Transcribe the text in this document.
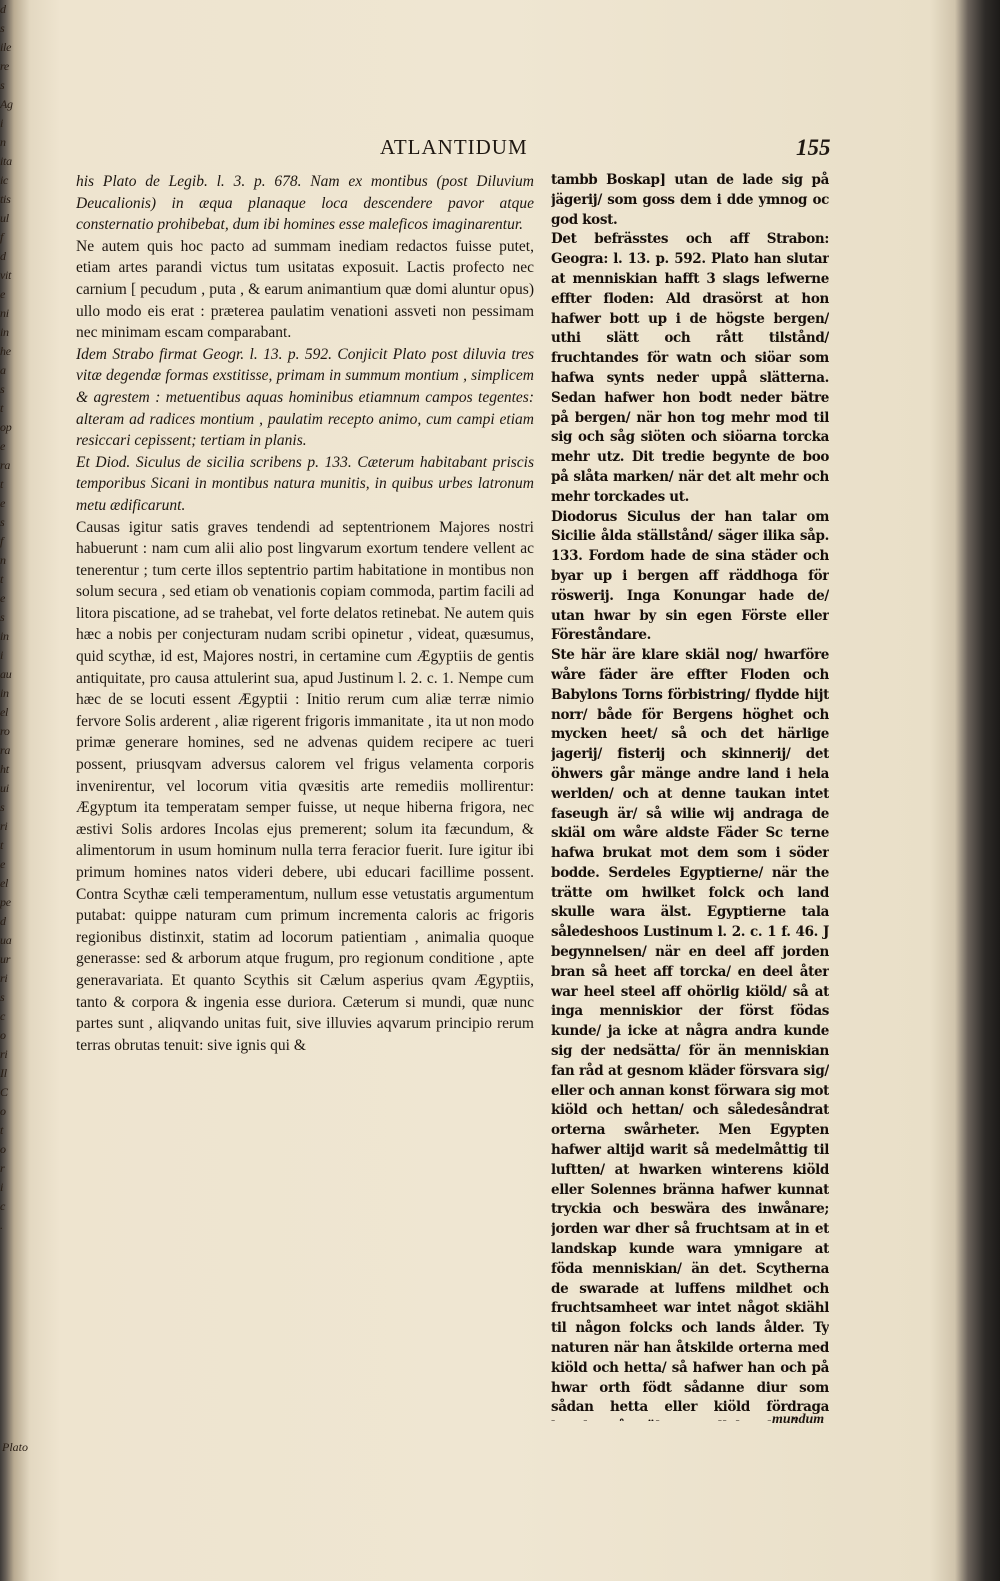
d
s
ile
re
s
Ag
i
n
ita
ic
tis
ul
f
d
vit
e
ni
in
he
a
s
t
op
e
ra
t
e
s
f
n
t
e
s
in
i
au
in
el
ro
ra
ht
ui
s
ri
t
e
el
pe
d
ua
ur
ri
s
c
o
ri
Il
C
o
t
o
r
i
c
.
Plato
ATLANTIDUM	155

his Plato de Legib. l. 3. p. 678. Nam ex montibus (post Diluvium Deucalionis) in æqua planaque loca descendere pavor atque consternatio prohibebat, dum ibi homines esse maleficos imaginarentur.

Ne autem quis hoc pacto ad summam inediam redactos fuisse putet, etiam artes parandi victus tum usitatas exposuit. Lactis profecto nec carnium [ pecudum , puta , & earum animantium quæ domi aluntur opus) ullo modo eis erat : præterea paulatim venationi assveti non pessimam nec minimam escam comparabant.

Idem Strabo firmat Geogr. l. 13. p. 592. Conjicit Plato post diluvia tres vitæ degendæ formas exstitisse, primam in summum montium , simplicem & agrestem : metuentibus aquas hominibus etiamnum campos tegentes: alteram ad radices montium , paulatim recepto animo, cum campi etiam resiccari cepissent; tertiam in planis.

Et Diod. Siculus de sicilia scribens p. 133. Cæterum habitabant priscis temporibus Sicani in montibus natura munitis, in quibus urbes latronum metu ædificarunt.

Causas igitur satis graves tendendi ad septentrionem Majores nostri habuerunt : nam cum alii alio post lingvarum exortum tendere vellent ac tenerentur ; tum certe illos septentrio partim habitatione in montibus non solum secura , sed etiam ob venationis copiam commoda, partim facili ad litora piscatione, ad se trahebat, vel forte delatos retinebat. Ne autem quis hæc a nobis per conjecturam nudam scribi opinetur , videat, quæsumus, quid scythæ, id est, Majores nostri, in certamine cum Ægyptiis de gentis antiquitate, pro causa attulerint sua, apud Justinum l. 2. c. 1. Nempe cum hæc de se locuti essent Ægyptii : Initio rerum cum aliæ terræ nimio fervore Solis arderent , aliæ rigerent frigoris immanitate , ita ut non modo primæ generare homines, sed ne advenas quidem recipere ac tueri possent, priusqvam adversus calorem vel frigus velamenta corporis invenirentur, vel locorum vitia qvæsitis arte remediis mollirentur: Ægyptum ita temperatam semper fuisse, ut neque hiberna frigora, nec æstivi Solis ardores Incolas ejus premerent; solum ita fæcundum, & alimentorum in usum hominum nulla terra feracior fuerit. Iure igitur ibi primum homines natos videri debere, ubi educari facillime possent. Contra Scythæ cæli temperamentum, nullum esse vetustatis argumentum putabat: quippe naturam cum primum incrementa caloris ac frigoris regionibus distinxit, statim ad locorum patientiam , animalia quoque generasse: sed & arborum atque frugum, pro regionum conditione , apte generavariata. Et quanto Scythis sit Cælum asperius qvam Ægyptiis, tanto & corpora & ingenia esse duriora. Cæterum si mundi, quæ nunc partes sunt , aliqvando unitas fuit, sive illuvies aqvarum principio rerum terras obrutas tenuit: sive ignis qui &

tambb Boskap] utan de lade sig på jägerij/ som goss dem i dde ymnog oc god kost.

Det befrässtes och aff Strabon: Geogra: l. 13. p. 592. Plato han slutar at menniskian hafft 3 slags lefwerne effter floden: Ald drasörst at hon hafwer bott up i de högste bergen/ uthi slätt och rått tilstånd/ fruchtandes för watn och siöar som hafwa synts neder uppå slätterna. Sedan hafwer hon bodt neder bätre på bergen/ när hon tog mehr mod til sig och såg siöten och siöarna torcka mehr utz. Dit tredie begynte de boo på slåta marken/ när det alt mehr och mehr torckades ut.

Diodorus Siculus der han talar om Sicilie ålda ställstånd/ säger ilika såp. 133. Fordom hade de sina städer och byar up i bergen aff räddhoga för röswerij. Inga Konungar hade de/ utan hwar by sin egen Förste eller Föreståndare.

Ste här äre klare skiäl nog/ hwarföre wåre fäder äre effter Floden och Babylons Torns förbistring/ flydde hijt norr/ både för Bergens höghet och mycken heet/ så och det härlige jagerij/ fisterij och skinnerij/ det öhwers går mänge andre land i hela werlden/ och at denne taukan intet faseugh är/ så wilie wij andraga de skiäl om wåre aldste Fäder Sc terne hafwa brukat mot dem som i söder bodde. Serdeles Egyptierne/ när the trätte om hwilket folck och land skulle wara älst. Egyptierne tala såledeshoos Lustinum l. 2. c. 1 f. 46. J begynnelsen/ när en deel aff jorden bran så heet aff torcka/ en deel åter war heel steel aff ohörlig kiöld/ så at inga menniskior der först födas kunde/ ja icke at några andra kunde sig der nedsätta/ för än menniskian fan råd at gesnom kläder försvara sig/ eller och annan konst förwara sig mot kiöld och hettan/ och såledesåndrat orterna swårheter. Men Egypten hafwer altijd warit så medelmåttig til luftten/ at hwarken winterens kiöld eller Solennes bränna hafwer kunnat tryckia och beswära des inwånare; jorden war dher så fruchtsam at in et landskap kunde wara ymnigare at föda menniskian/ än det. Scytherna de swarade at luffens mildhet och fruchtsamheet war intet något skiähl til någon folcks och lands ålder. Ty naturen när han åtskilde orterna med kiöld och hetta/ så hafwer han och på hwar orth födt sådanne diur som sådan hetta eller kiöld fördraga

mundum
